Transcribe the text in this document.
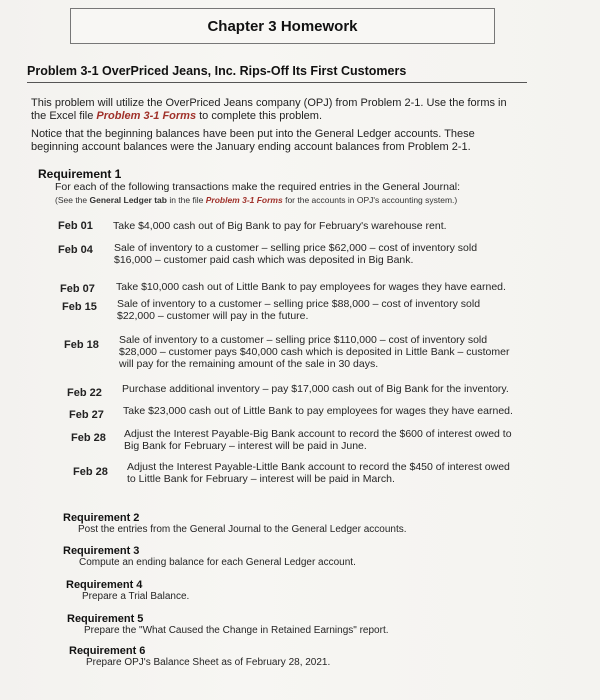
Chapter 3 Homework
Problem 3-1 OverPriced Jeans, Inc. Rips-Off Its First Customers
This problem will utilize the OverPriced Jeans company (OPJ) from Problem 2-1. Use the forms in
the Excel file Problem 3-1 Forms to complete this problem.
Notice that the beginning balances have been put into the General Ledger accounts. These
beginning account balances were the January ending account balances from Problem 2-1.
Requirement 1
For each of the following transactions make the required entries in the General Journal:
(See the General Ledger tab in the file Problem 3-1 Forms for the accounts in OPJ's accounting system.)
Feb 01 Take $4,000 cash out of Big Bank to pay for February's warehouse rent.
Feb 04 Sale of inventory to a customer – selling price $62,000 – cost of inventory sold
$16,000 – customer paid cash which was deposited in Big Bank.
Feb 07 Take $10,000 cash out of Little Bank to pay employees for wages they have earned.
Feb 15 Sale of inventory to a customer – selling price $88,000 – cost of inventory sold
$22,000 – customer will pay in the future.
Feb 18 Sale of inventory to a customer – selling price $110,000 – cost of inventory sold
$28,000 – customer pays $40,000 cash which is deposited in Little Bank – customer
will pay for the remaining amount of the sale in 30 days.
Feb 22 Purchase additional inventory – pay $17,000 cash out of Big Bank for the inventory.
Feb 27 Take $23,000 cash out of Little Bank to pay employees for wages they have earned.
Feb 28 Adjust the Interest Payable-Big Bank account to record the $600 of interest owed to
Big Bank for February – interest will be paid in June.
Feb 28 Adjust the Interest Payable-Little Bank account to record the $450 of interest owed
to Little Bank for February – interest will be paid in March.
Requirement 2
Post the entries from the General Journal to the General Ledger accounts.
Requirement 3
Compute an ending balance for each General Ledger account.
Requirement 4
Prepare a Trial Balance.
Requirement 5
Prepare the "What Caused the Change in Retained Earnings" report.
Requirement 6
Prepare OPJ's Balance Sheet as of February 28, 2021.
